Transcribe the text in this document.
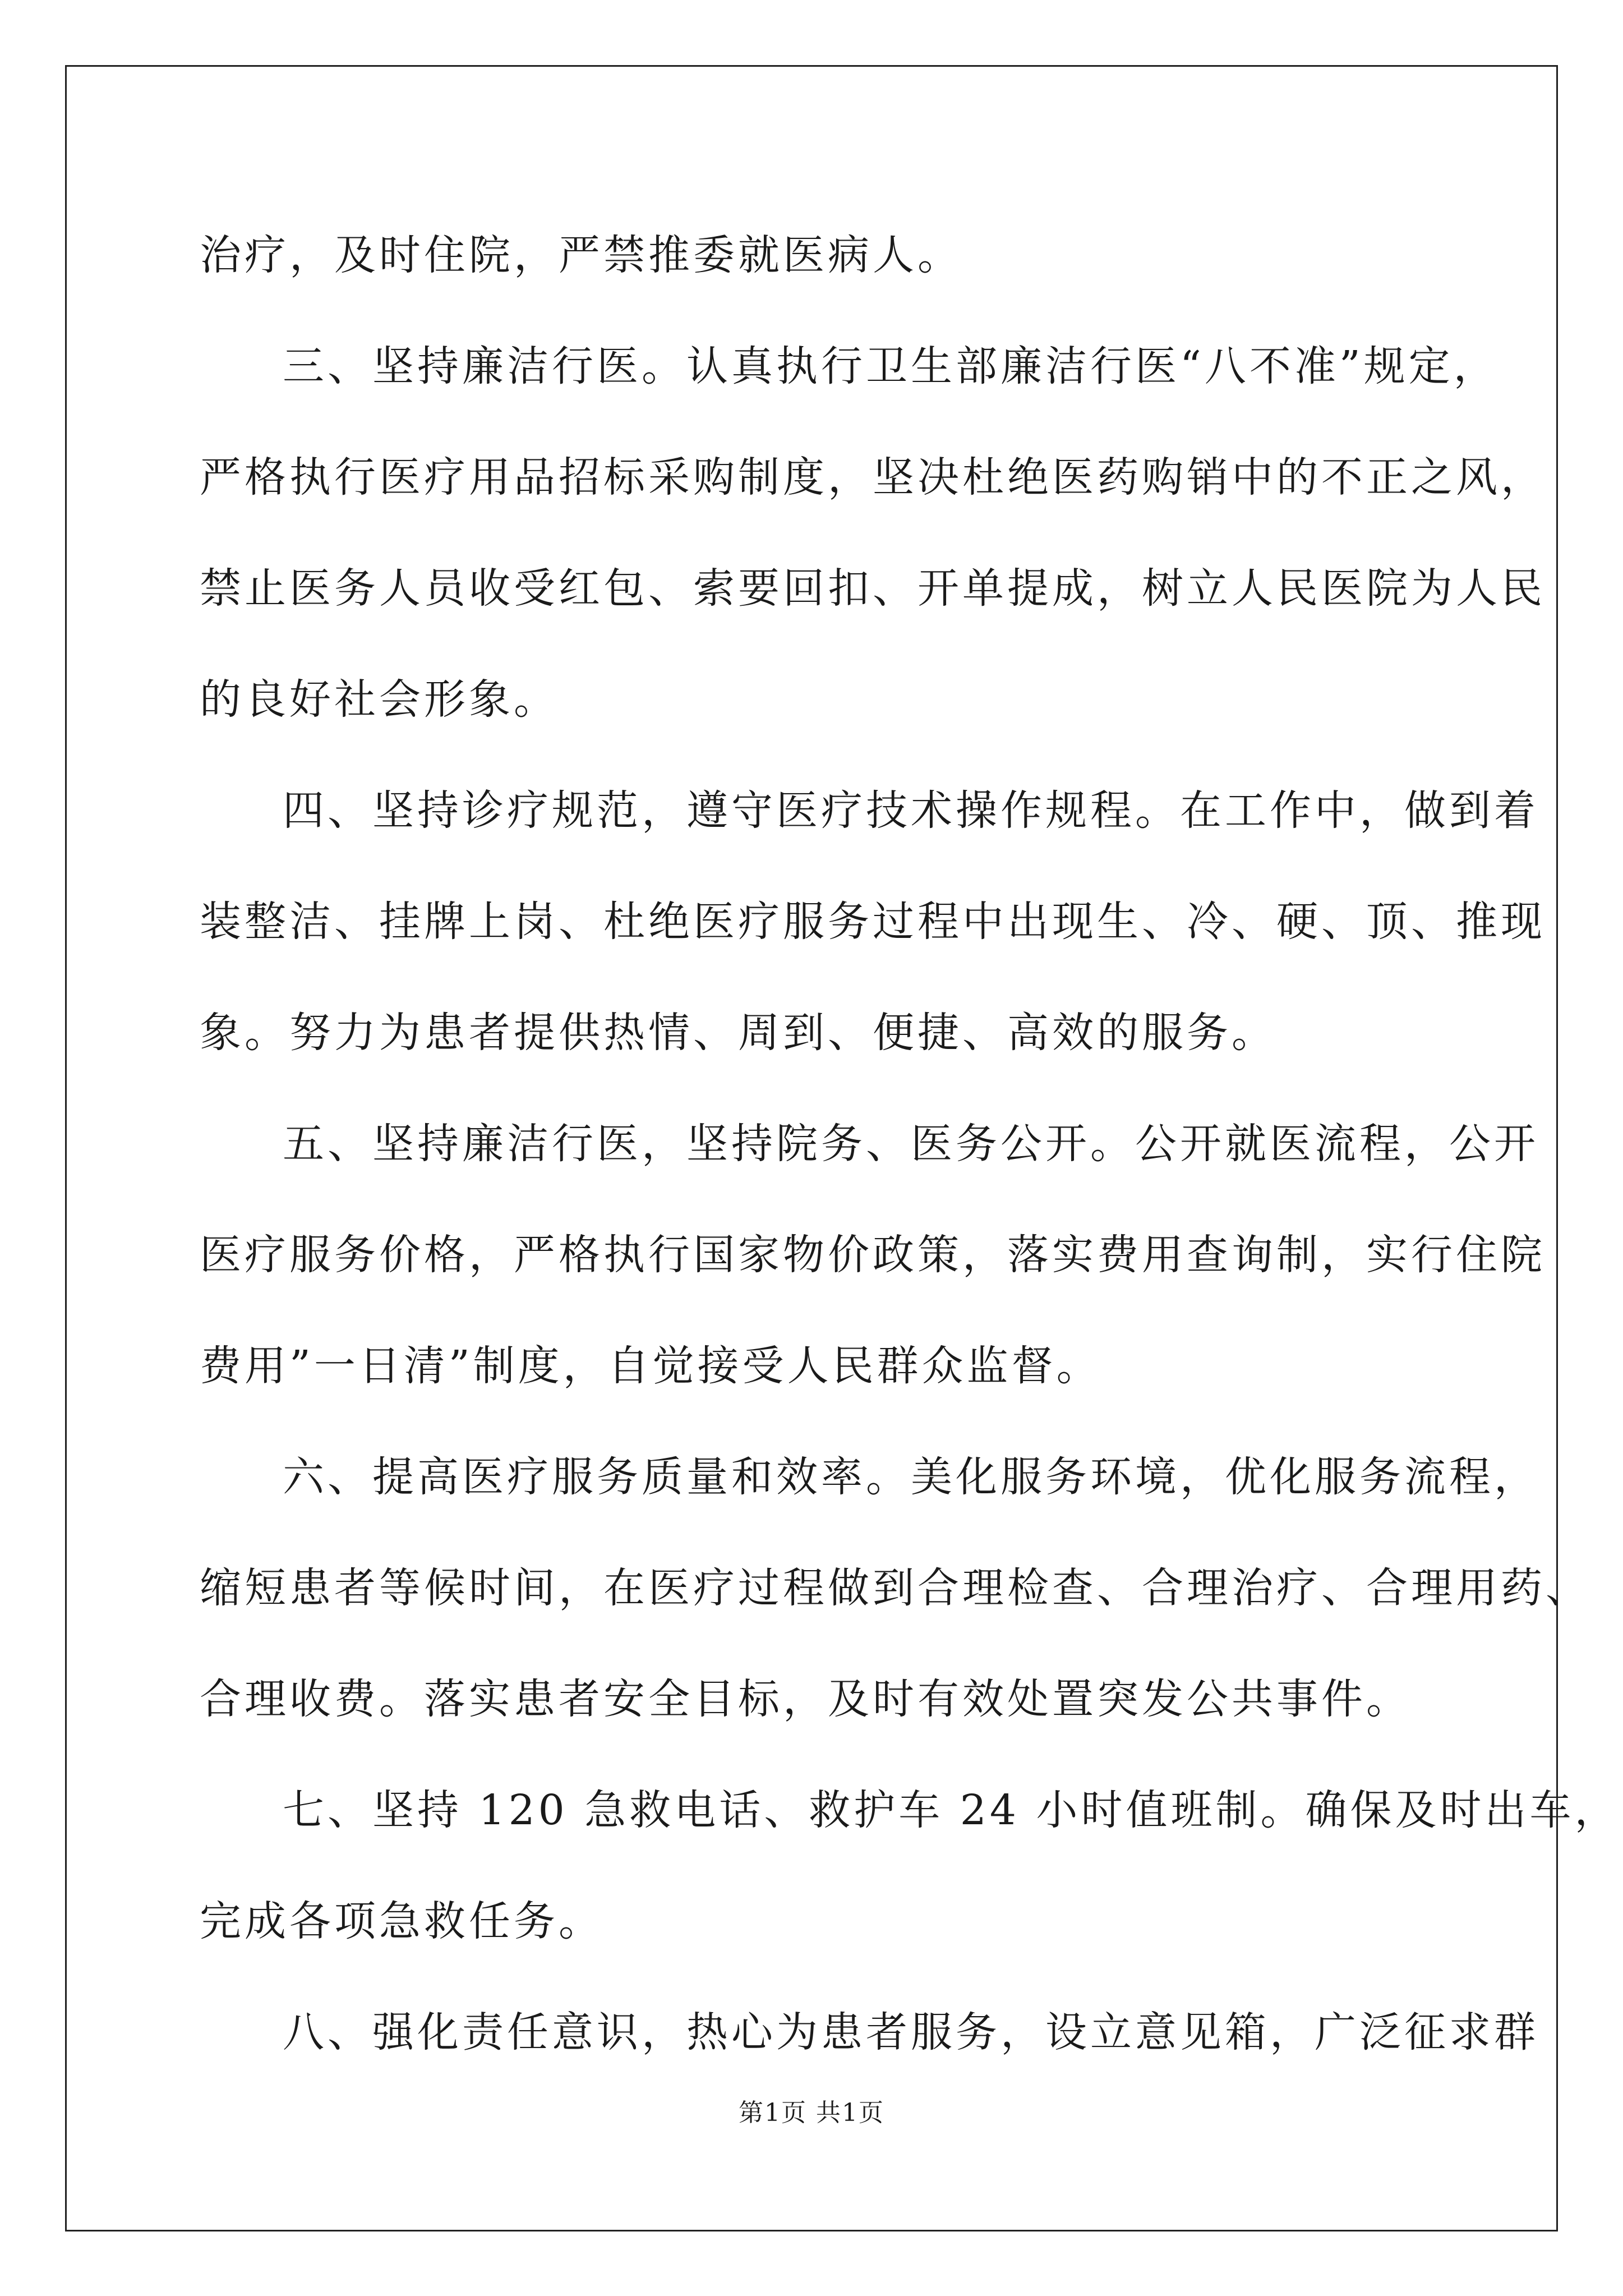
治疗，及时住院，严禁推委就医病人。
三、坚持廉洁行医。认真执行卫生部廉洁行医“八不准”规定，
严格执行医疗用品招标采购制度，坚决杜绝医药购销中的不正之风，
禁止医务人员收受红包、索要回扣、开单提成，树立人民医院为人民
的良好社会形象。
四、坚持诊疗规范，遵守医疗技术操作规程。在工作中，做到着
装整洁、挂牌上岗、杜绝医疗服务过程中出现生、冷、硬、顶、推现
象。努力为患者提供热情、周到、便捷、高效的服务。
五、坚持廉洁行医，坚持院务、医务公开。公开就医流程，公开
医疗服务价格，严格执行国家物价政策，落实费用查询制，实行住院
费用”一日清”制度，自觉接受人民群众监督。
六、提高医疗服务质量和效率。美化服务环境，优化服务流程，
缩短患者等候时间，在医疗过程做到合理检查、合理治疗、合理用药、
合理收费。落实患者安全目标，及时有效处置突发公共事件。
七、坚持 120 急救电话、救护车 24 小时值班制。确保及时出车，
完成各项急救任务。
八、强化责任意识，热心为患者服务，设立意见箱，广泛征求群
第1页 共1页
